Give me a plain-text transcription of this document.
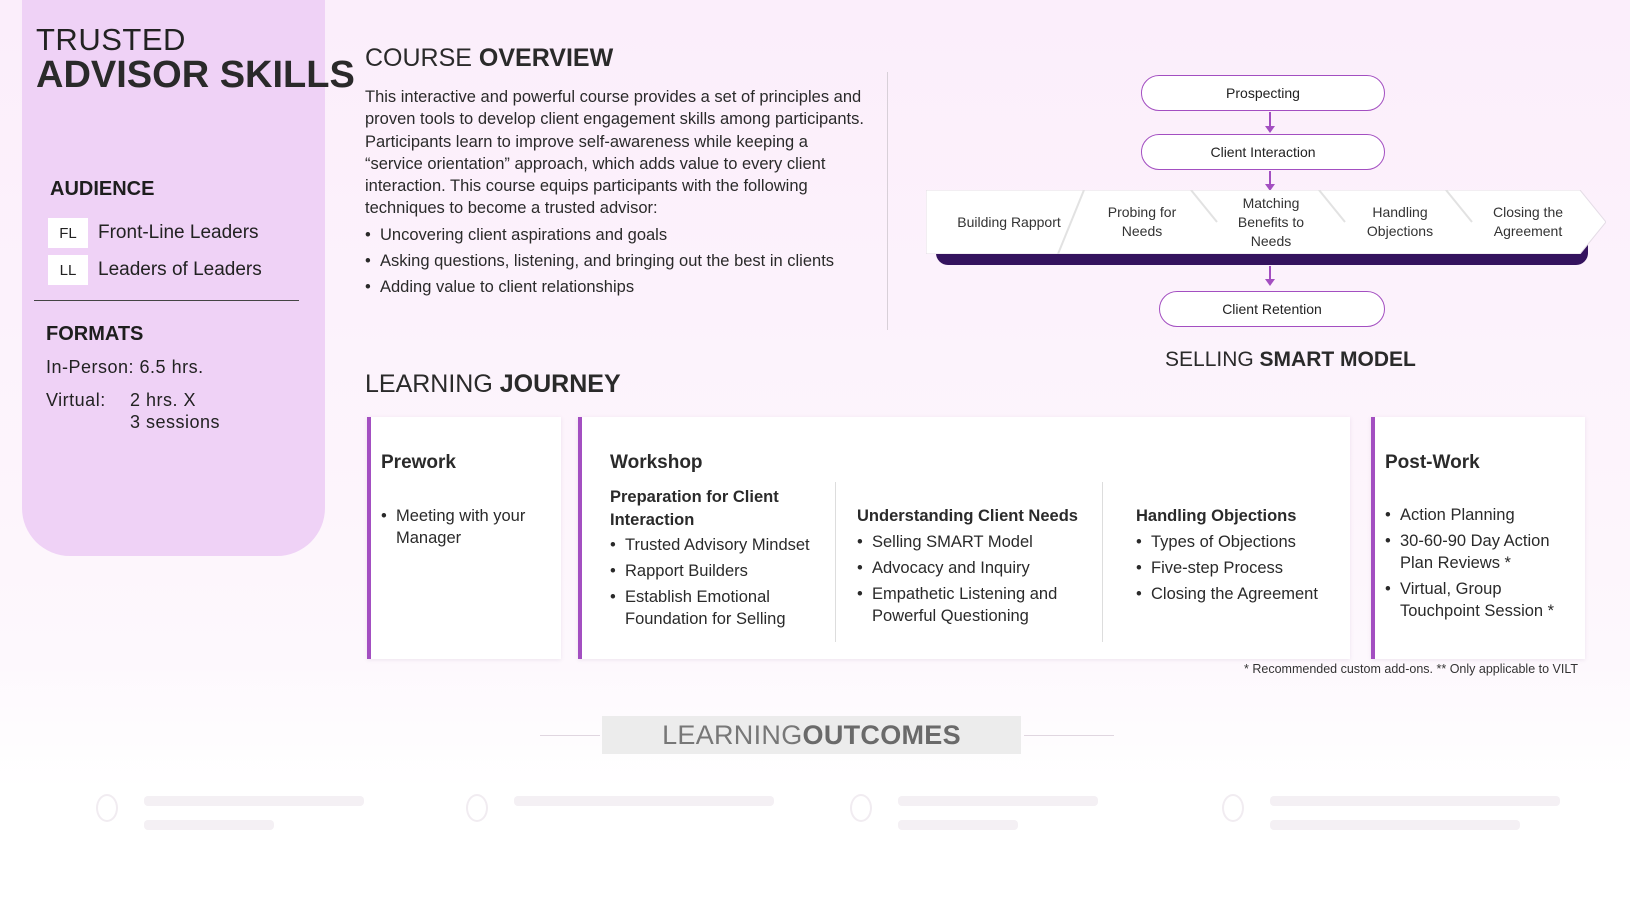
TRUSTED
ADVISOR SKILLS
AUDIENCE
FL	Front-Line Leaders
LL	Leaders of Leaders
FORMATS
In-Person: 6.5 hrs.
Virtual: 2 hrs. X
3 sessions
COURSE OVERVIEW
This interactive and powerful course provides a set of principles and proven tools to develop client engagement skills among participants. Participants learn to improve self-awareness while keeping a “service orientation” approach, which adds value to every client interaction. This course equips participants with the following techniques to become a trusted advisor:
• Uncovering client aspirations and goals
• Asking questions, listening, and bringing out the best in clients
• Adding value to client relationships
Prospecting
Client Interaction
Building Rapport
Probing for Needs
Matching Benefits to Needs
Handling Objections
Closing the Agreement
Client Retention
SELLING SMART MODEL
LEARNING JOURNEY
Prework
• Meeting with your Manager
Workshop
Preparation for Client Interaction
• Trusted Advisory Mindset
• Rapport Builders
• Establish Emotional Foundation for Selling
Understanding Client Needs
• Selling SMART Model
• Advocacy and Inquiry
• Empathetic Listening and Powerful Questioning
Handling Objections
• Types of Objections
• Five-step Process
• Closing the Agreement
Post-Work
• Action Planning
• 30-60-90 Day Action Plan Reviews *
• Virtual, Group Touchpoint Session *
* Recommended custom add-ons. ** Only applicable to VILT
LEARNING OUTCOMES
